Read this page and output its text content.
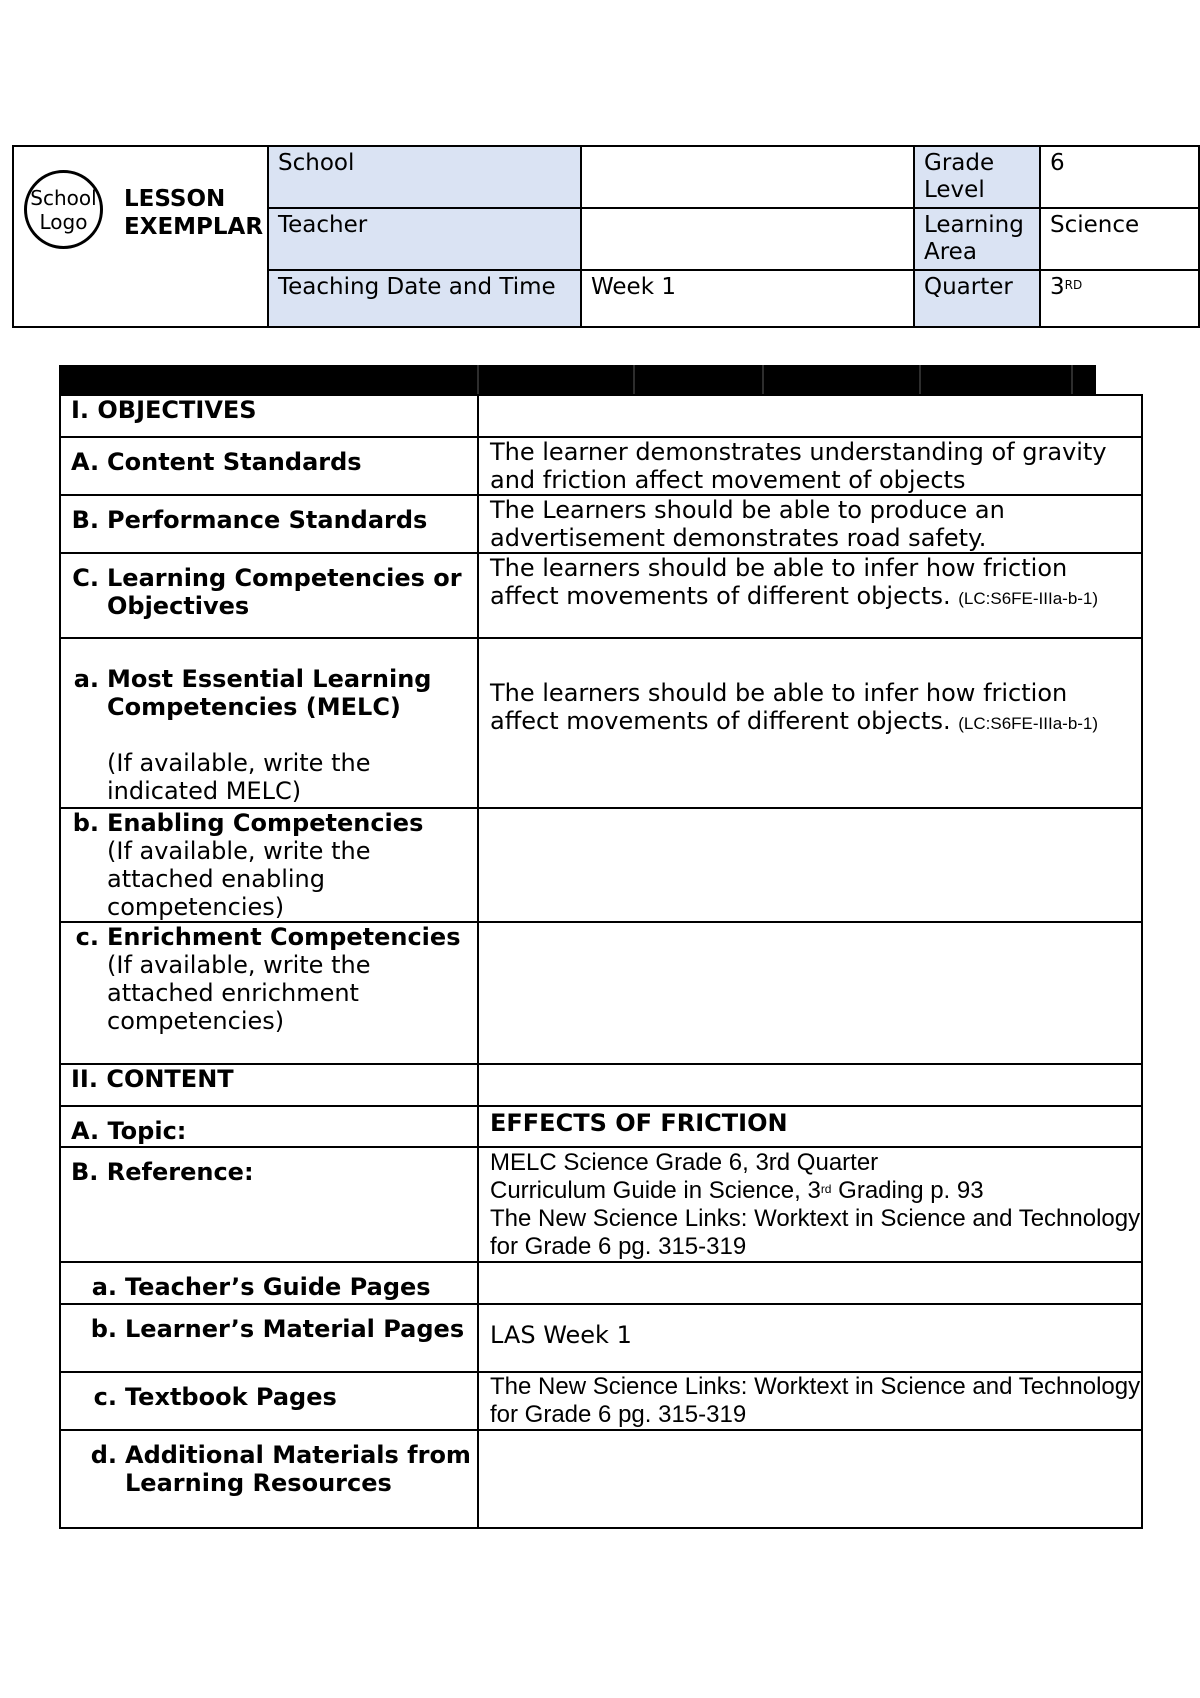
School Logo
LESSON EXEMPLAR	School		Grade Level	6
	Teacher		Learning Area	Science
	Teaching Date and Time	Week 1	Quarter	3RD
I. OBJECTIVES	

A. Content Standards	The learner demonstrates understanding of gravity and friction affect movement of objects

B. Performance Standards	The Learners should be able to produce an advertisement demonstrates road safety.

C. Learning Competencies or Objectives	The learners should be able to infer how friction affect movements of different objects. (LC:S6FE-IIIa-b-1)

a. Most Essential Learning Competencies (MELC)
(If available, write the indicated MELC)	The learners should be able to infer how friction affect movements of different objects. (LC:S6FE-IIIa-b-1)

b. Enabling Competencies
(If available, write the attached enabling competencies)	

c. Enrichment Competencies
(If available, write the attached enrichment competencies)	

II. CONTENT	
A. Topic:	EFFECTS OF FRICTION
B. Reference:	MELC Science Grade 6, 3rd Quarter
Curriculum Guide in Science, 3rd Grading p. 93
The New Science Links: Worktext in Science and Technology for Grade 6 pg. 315-319

a. Teacher’s Guide Pages	

b. Learner’s Material Pages	LAS Week 1

c. Textbook Pages	The New Science Links: Worktext in Science and Technology for Grade 6 pg. 315-319

d. Additional Materials from Learning Resources	
